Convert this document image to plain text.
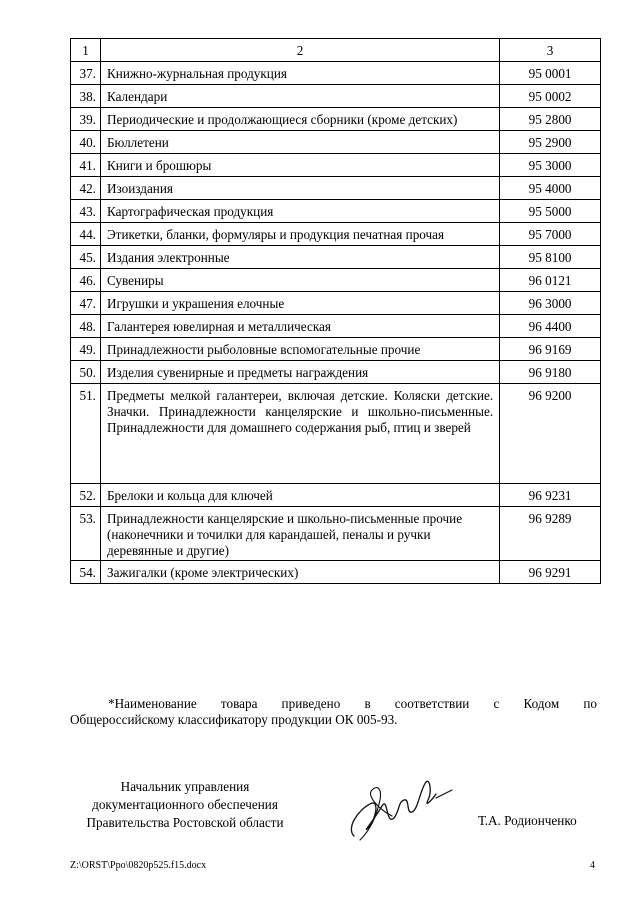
1	2	3
37.	Книжно-журнальная продукция	95 0001
38.	Календари	95 0002
39.	Периодические и продолжающиеся сборники (кроме детских)	95 2800
40.	Бюллетени	95 2900
41.	Книги и брошюры	95 3000
42.	Изоиздания	95 4000
43.	Картографическая продукция	95 5000
44.	Этикетки, бланки, формуляры и продукция печатная прочая	95 7000
45.	Издания электронные	95 8100
46.	Сувениры	96 0121
47.	Игрушки и украшения елочные	96 3000
48.	Галантерея ювелирная и металлическая	96 4400
49.	Принадлежности рыболовные вспомогательные прочие	96 9169
50.	Изделия сувенирные и предметы награждения	96 9180
51.	Предметы мелкой галантереи, включая детские. Коляски детские. Значки. Принадлежности канцелярские и школьно-письменные. Принадлежности для домашнего содержания рыб, птиц и зверей	96 9200
52.	Брелоки и кольца для ключей	96 9231
53.	Принадлежности канцелярские и школьно-письменные прочие (наконечники и точилки для карандашей, пеналы и ручки деревянные и другие)	96 9289
54.	Зажигалки (кроме электрических)	96 9291
*Наименование товара приведено в соответствии с Кодом по
Общероссийскому классификатору продукции ОК 005-93.
Начальник управления
документационного обеспечения
Правительства Ростовской области	Т.А. Родионченко
Z:\ORST\Ppo\0820p525.f15.docx	4
